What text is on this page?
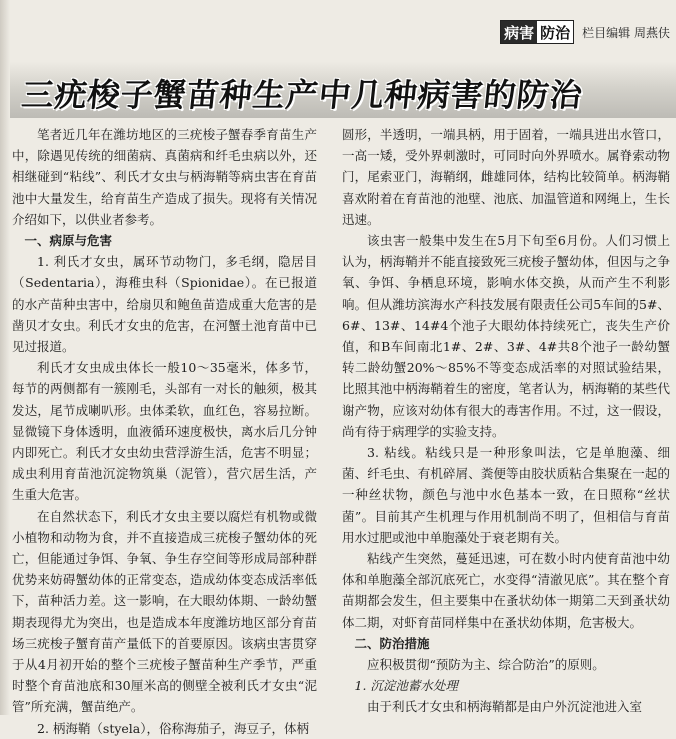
病害 防治 栏目编辑 周燕伕
三疣梭子蟹苗种生产中几种病害的防治

笔者近几年在潍坊地区的三疣梭子蟹春季育苗生产中，除遇见传统的细菌病、真菌病和纤毛虫病以外，还相继碰到“粘线”、利氏才女虫与柄海鞘等病虫害在育苗池中大量发生，给育苗生产造成了损失。现将有关情况介绍如下，以供业者参考。

一、病原与危害

1. 利氏才女虫，属环节动物门，多毛纲，隐居目（Sedentaria），海稚虫科（Spionidae）。在已报道的水产苗种虫害中，给扇贝和鲍鱼苗造成重大危害的是凿贝才女虫。利氏才女虫的危害，在河蟹土池育苗中已见过报道。

利氏才女虫成虫体长一般10～35毫米，体多节，每节的两侧都有一簇刚毛，头部有一对长的触须，极其发达，尾节成喇叭形。虫体柔软，血红色，容易拉断。显微镜下身体透明，血液循环速度极快，离水后几分钟内即死亡。利氏才女虫幼虫营浮游生活，危害不明显；成虫利用育苗池沉淀物筑巢（泥管），营穴居生活，产生重大危害。

在自然状态下，利氏才女虫主要以腐烂有机物或微小植物和动物为食，并不直接造成三疣梭子蟹幼体的死亡，但能通过争饵、争氧、争生存空间等形成局部种群优势来妨碍蟹幼体的正常变态，造成幼体变态成活率低下，苗种活力差。这一影响，在大眼幼体期、一龄幼蟹期表现得尤为突出，也是造成本年度潍坊地区部分育苗场三疣梭子蟹育苗产量低下的首要原因。该病虫害贯穿于从4月初开始的整个三疣梭子蟹苗种生产季节，严重时整个育苗池底和30厘米高的侧壁全被利氏才女虫“泥管”所充满，蟹苗绝产。

2. 柄海鞘（styela），俗称海茄子，海豆子，体柄

圆形，半透明，一端具柄，用于固着，一端具进出水管口，一高一矮，受外界刺激时，可同时向外界喷水。属脊索动物门，尾索亚门，海鞘纲，雌雄同体，结构比较简单。柄海鞘喜欢附着在育苗池的池壁、池底、加温管道和网绳上，生长迅速。

该虫害一般集中发生在5月下旬至6月份。人们习惯上认为，柄海鞘并不能直接致死三疣梭子蟹幼体，但因与之争氧、争饵、争栖息环境，影响水体交换，从而产生不利影响。但从潍坊滨海水产科技发展有限责任公司5车间的5#、6#、13#、14#4个池子大眼幼体持续死亡，丧失生产价值，和B车间南北1#、2#、3#、4#共8个池子一龄幼蟹转二龄幼蟹20%～85%不等变态成活率的对照试验结果，比照其池中柄海鞘着生的密度，笔者认为，柄海鞘的某些代谢产物，应该对幼体有很大的毒害作用。不过，这一假设，尚有待于病理学的实验支持。

3. 粘线。粘线只是一种形象叫法，它是单胞藻、细菌、纤毛虫、有机碎屑、粪便等由胶状质粘合集聚在一起的一种丝状物，颜色与池中水色基本一致，在日照称“丝状菌”。目前其产生机理与作用机制尚不明了，但相信与育苗用水过肥或池中单胞藻处于衰老期有关。

粘线产生突然，蔓延迅速，可在数小时内使育苗池中幼体和单胞藻全部沉底死亡，水变得“清澈见底”。其在整个育苗期都会发生，但主要集中在蚤状幼体一期第二天到蚤状幼体二期，对虾育苗同样集中在蚤状幼体期，危害极大。

二、防治措施

应积极贯彻“预防为主、综合防治”的原则。

1. 沉淀池蓄水处理

由于利氏才女虫和柄海鞘都是由户外沉淀池进入室
